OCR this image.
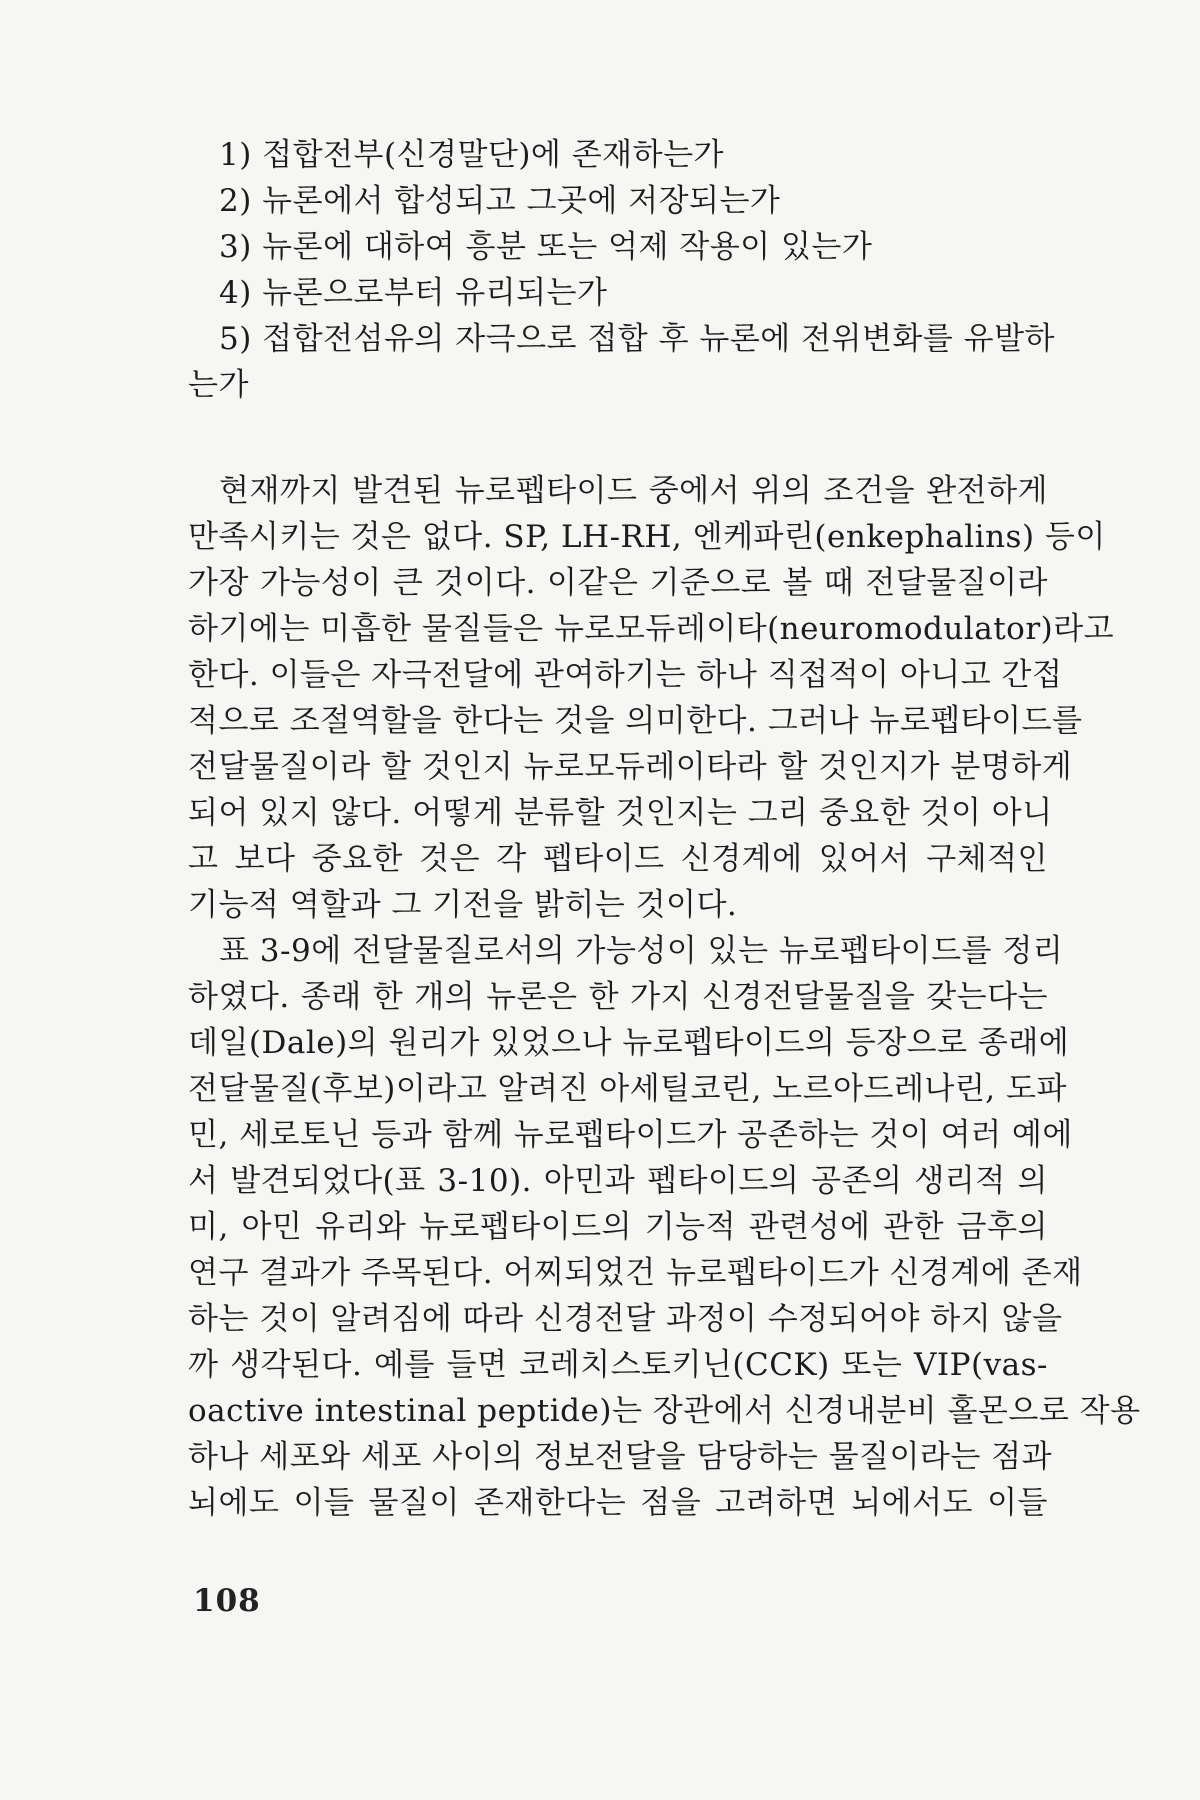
1) 접합전부(신경말단)에 존재하는가
2) 뉴론에서 합성되고 그곳에 저장되는가
3) 뉴론에 대하여 흥분 또는 억제 작용이 있는가
4) 뉴론으로부터 유리되는가
5) 접합전섬유의 자극으로 접합 후 뉴론에 전위변화를 유발하
는가
현재까지 발견된 뉴로펩타이드 중에서 위의 조건을 완전하게
만족시키는 것은 없다. SP, LH-RH, 엔케파린(enkephalins) 등이
가장 가능성이 큰 것이다. 이같은 기준으로 볼 때 전달물질이라
하기에는 미흡한 물질들은 뉴로모듀레이타(neuromodulator)라고
한다. 이들은 자극전달에 관여하기는 하나 직접적이 아니고 간접
적으로 조절역할을 한다는 것을 의미한다. 그러나 뉴로펩타이드를
전달물질이라 할 것인지 뉴로모듀레이타라 할 것인지가 분명하게
되어 있지 않다. 어떻게 분류할 것인지는 그리 중요한 것이 아니
고 보다 중요한 것은 각 펩타이드 신경계에 있어서 구체적인
기능적 역할과 그 기전을 밝히는 것이다.
표 3-9에 전달물질로서의 가능성이 있는 뉴로펩타이드를 정리
하였다. 종래 한 개의 뉴론은 한 가지 신경전달물질을 갖는다는
데일(Dale)의 원리가 있었으나 뉴로펩타이드의 등장으로 종래에
전달물질(후보)이라고 알려진 아세틸코린, 노르아드레나린, 도파
민, 세로토닌 등과 함께 뉴로펩타이드가 공존하는 것이 여러 예에
서 발견되었다(표 3-10). 아민과 펩타이드의 공존의 생리적 의
미, 아민 유리와 뉴로펩타이드의 기능적 관련성에 관한 금후의
연구 결과가 주목된다. 어찌되었건 뉴로펩타이드가 신경계에 존재
하는 것이 알려짐에 따라 신경전달 과정이 수정되어야 하지 않을
까 생각된다. 예를 들면 코레치스토키닌(CCK) 또는 VIP(vas-
oactive intestinal peptide)는 장관에서 신경내분비 홀몬으로 작용
하나 세포와 세포 사이의 정보전달을 담당하는 물질이라는 점과
뇌에도 이들 물질이 존재한다는 점을 고려하면 뇌에서도 이들
108
